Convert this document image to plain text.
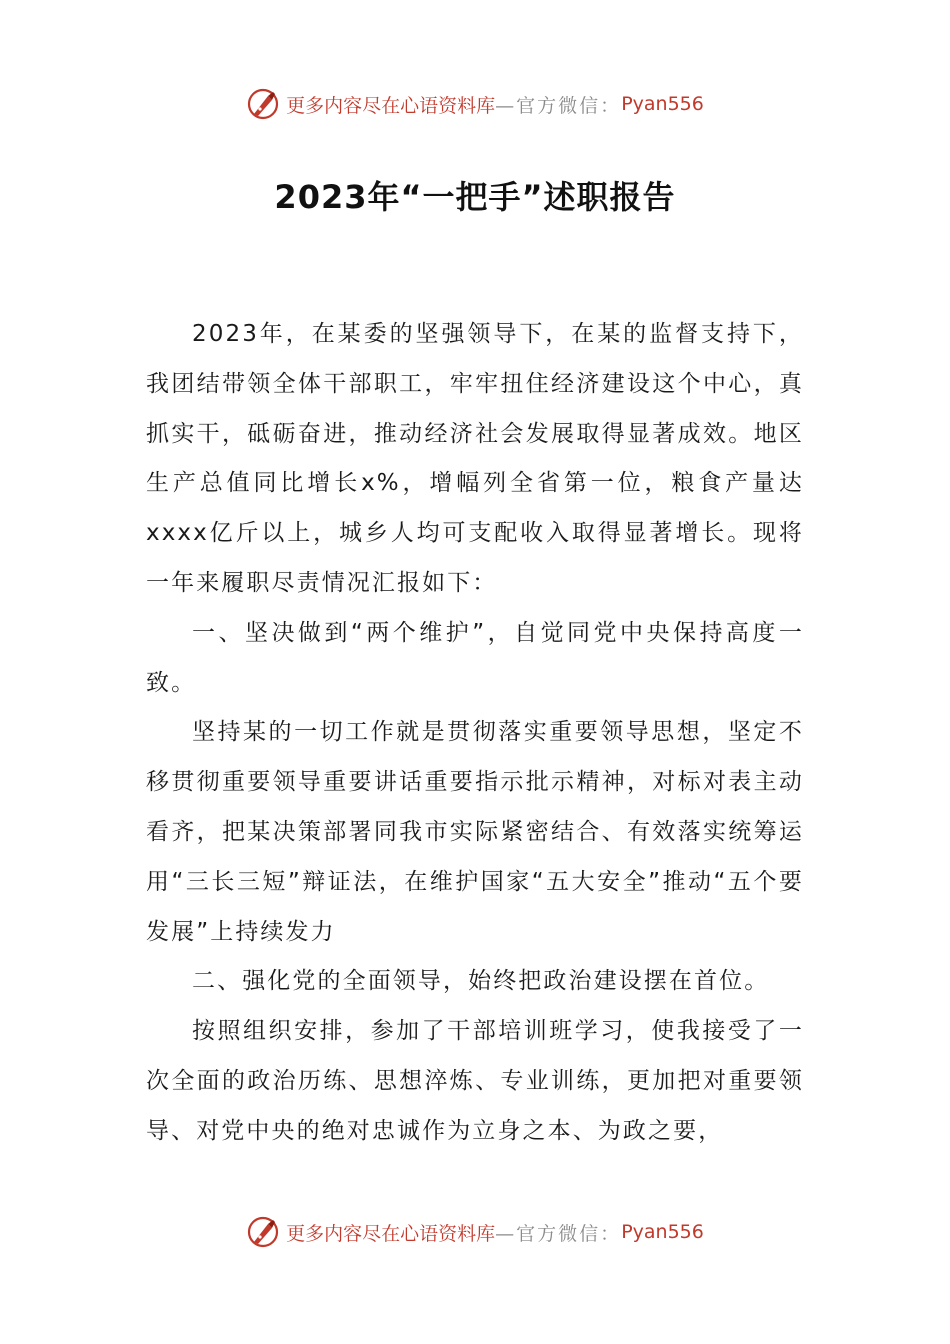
更多内容尽在心语资料库 —官方微信： Pyan556
2023年“一把手”述职报告

2023年，在某委的坚强领导下，在某的监督支持下，我团结带领全体干部职工，牢牢扭住经济建设这个中心，真抓实干，砥砺奋进，推动经济社会发展取得显著成效。地区生产总值同比增长x%，增幅列全省第一位，粮食产量达xxxx亿斤以上，城乡人均可支配收入取得显著增长。现将一年来履职尽责情况汇报如下：

一、坚决做到“两个维护”，自觉同党中央保持高度一致。

坚持某的一切工作就是贯彻落实重要领导思想，坚定不移贯彻重要领导重要讲话重要指示批示精神，对标对表主动看齐，把某决策部署同我市实际紧密结合、有效落实统筹运用“三长三短”辩证法，在维护国家“五大安全”推动“五个要发展”上持续发力

二、强化党的全面领导，始终把政治建设摆在首位。

按照组织安排，参加了干部培训班学习，使我接受了一次全面的政治历练、思想淬炼、专业训练，更加把对重要领导、对党中央的绝对忠诚作为立身之本、为政之要，

更多内容尽在心语资料库 —官方微信： Pyan556
